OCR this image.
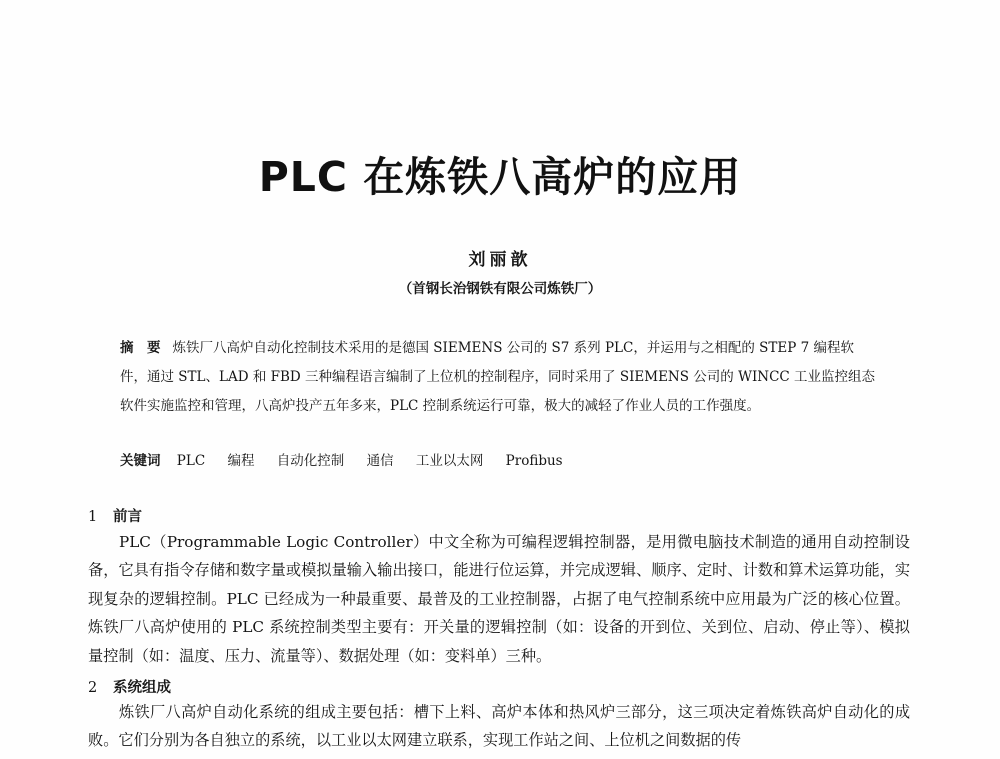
PLC 在炼铁八高炉的应用
刘丽歆
（首钢长治钢铁有限公司炼铁厂）
摘　要 炼铁厂八高炉自动化控制技术采用的是德国 SIEMENS 公司的 S7 系列 PLC，并运用与之相配的 STEP 7 编程软件，通过 STL、LAD 和 FBD 三种编程语言编制了上位机的控制程序，同时采用了 SIEMENS 公司的 WINCC 工业监控组态软件实施监控和管理，八高炉投产五年多来，PLC 控制系统运行可靠，极大的减轻了作业人员的工作强度。
关键词 PLC 编程 自动化控制 通信 工业以太网 Profibus
1 前言
PLC（Programmable Logic Controller）中文全称为可编程逻辑控制器，是用微电脑技术制造的通用自动控制设备，它具有指令存储和数字量或模拟量输入输出接口，能进行位运算，并完成逻辑、顺序、定时、计数和算术运算功能，实现复杂的逻辑控制。PLC 已经成为一种最重要、最普及的工业控制器，占据了电气控制系统中应用最为广泛的核心位置。炼铁厂八高炉使用的 PLC 系统控制类型主要有：开关量的逻辑控制（如：设备的开到位、关到位、启动、停止等）、模拟量控制（如：温度、压力、流量等）、数据处理（如：变料单）三种。
2 系统组成
炼铁厂八高炉自动化系统的组成主要包括：槽下上料、高炉本体和热风炉三部分，这三项决定着炼铁高炉自动化的成败。它们分别为各自独立的系统，以工业以太网建立联系，实现工作站之间、上位机之间数据的传
